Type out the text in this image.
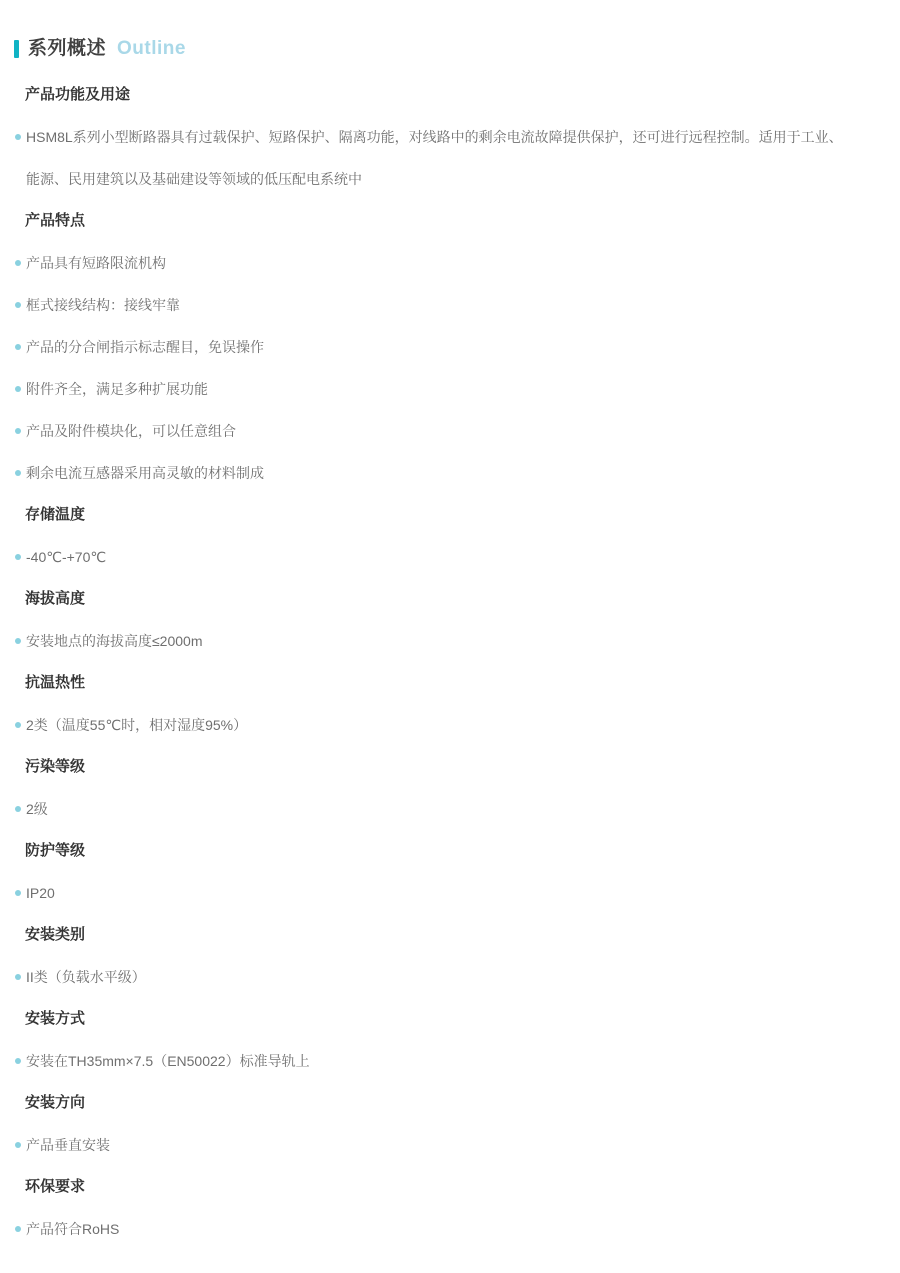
系列概述 Outline
产品功能及用途
HSM8L系列小型断路器具有过载保护、短路保护、隔离功能，对线路中的剩余电流故障提供保护，还可进行远程控制。适用于工业、能源、民用建筑以及基础建设等领域的低压配电系统中
产品特点
产品具有短路限流机构
框式接线结构：接线牢靠
产品的分合闸指示标志醒目，免误操作
附件齐全，满足多种扩展功能
产品及附件模块化，可以任意组合
剩余电流互感器采用高灵敏的材料制成
存储温度
-40℃-+70℃
海拔高度
安装地点的海拔高度≤2000m
抗温热性
2类（温度55℃时，相对湿度95%）
污染等级
2级
防护等级
IP20
安装类别
II类（负载水平级）
安装方式
安装在TH35mm×7.5（EN50022）标准导轨上
安装方向
产品垂直安装
环保要求
产品符合RoHS
